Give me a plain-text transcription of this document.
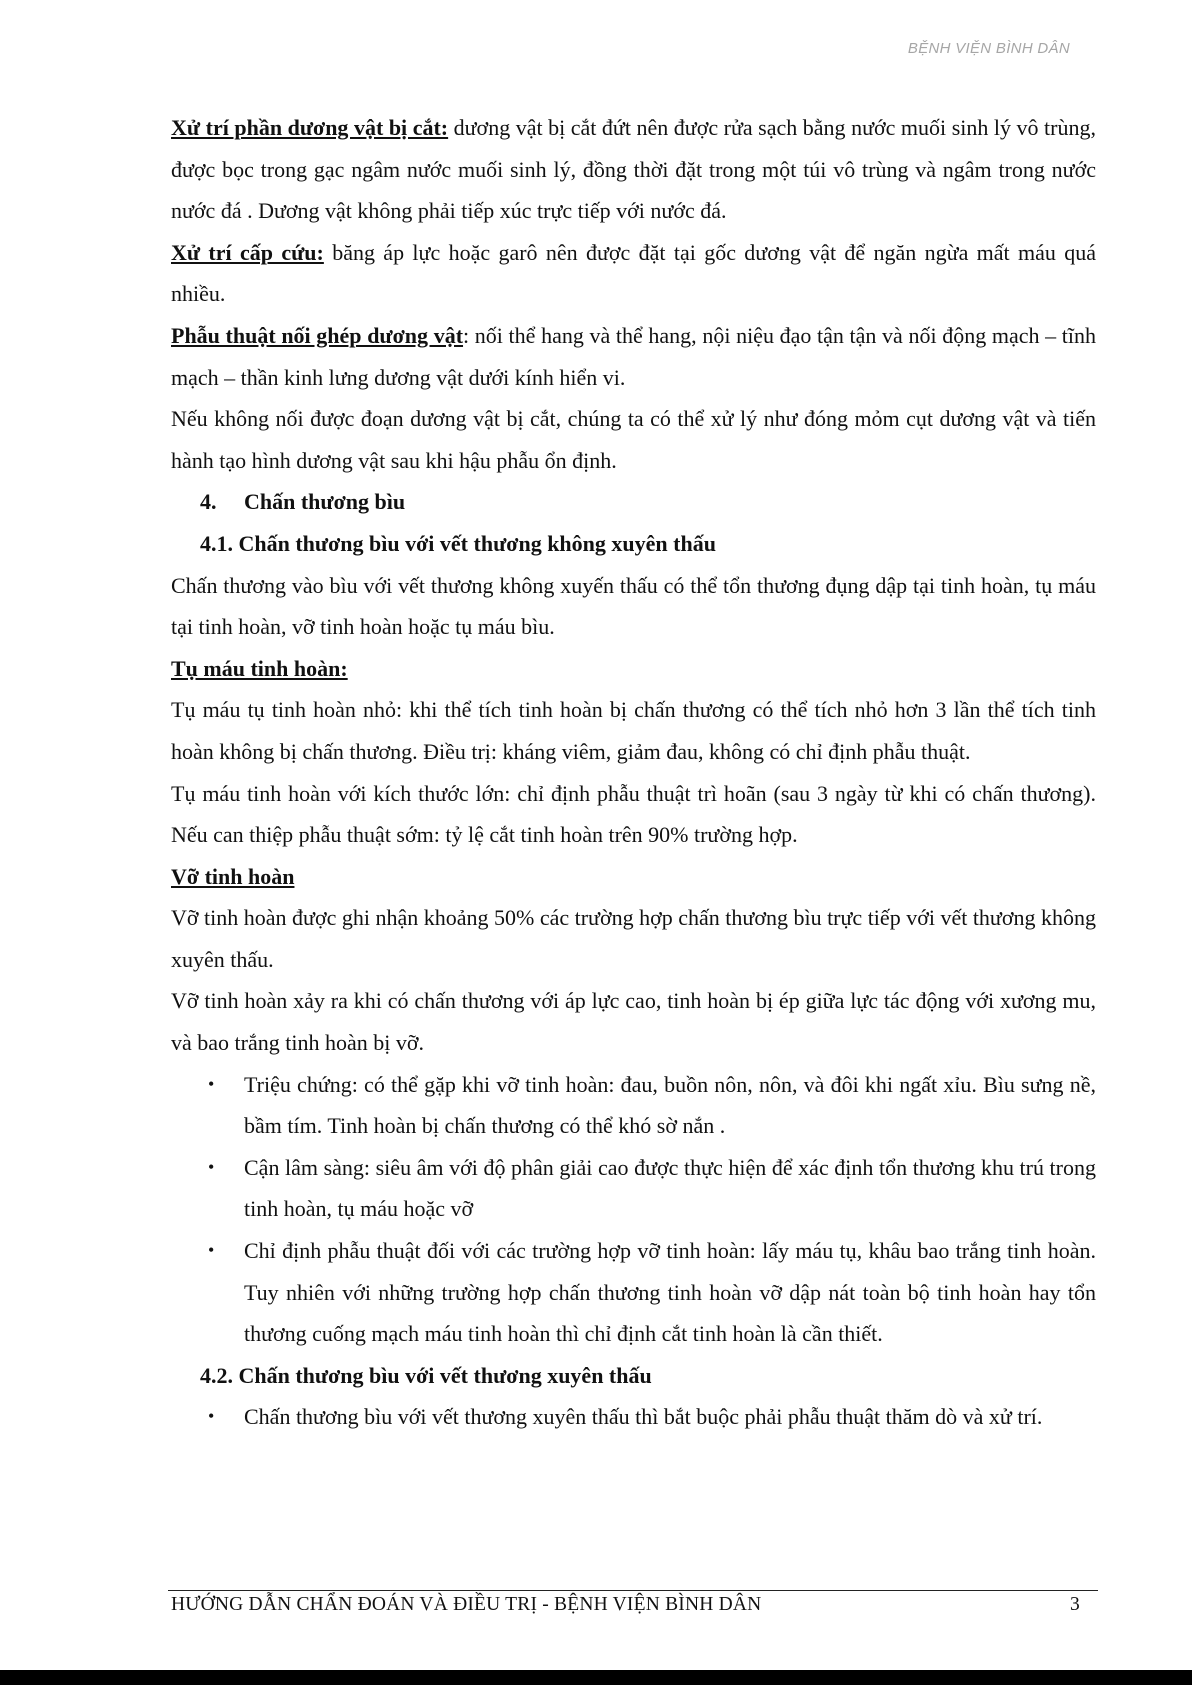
BỆNH VIỆN BÌNH DÂN

Xử trí phần dương vật bị cắt: dương vật bị cắt đứt nên được rửa sạch bằng nước muối sinh lý vô trùng, được bọc trong gạc ngâm nước muối sinh lý, đồng thời đặt trong một túi vô trùng và ngâm trong nước nước đá . Dương vật không phải tiếp xúc trực tiếp với nước đá.

Xử trí cấp cứu: băng áp lực hoặc garô nên được đặt tại gốc dương vật để ngăn ngừa mất máu quá nhiều.

Phẫu thuật nối ghép dương vật: nối thể hang và thể hang, nội niệu đạo tận tận và nối động mạch – tĩnh mạch – thần kinh lưng dương vật dưới kính hiển vi.

Nếu không nối được đoạn dương vật bị cắt, chúng ta có thể xử lý như đóng mỏm cụt dương vật và tiến hành tạo hình dương vật sau khi hậu phẫu ổn định.

4. Chấn thương bìu

4.1. Chấn thương bìu với vết thương không xuyên thấu

Chấn thương vào bìu với vết thương không xuyến thấu có thể tổn thương đụng dập tại tinh hoàn, tụ máu tại tinh hoàn, vỡ tinh hoàn hoặc tụ máu bìu.

Tụ máu tinh hoàn:

Tụ máu tụ tinh hoàn nhỏ: khi thể tích tinh hoàn bị chấn thương có thể tích nhỏ hơn 3 lần thể tích tinh hoàn không bị chấn thương. Điều trị: kháng viêm, giảm đau, không có chỉ định phẫu thuật.

Tụ máu tinh hoàn với kích thước lớn: chỉ định phẫu thuật trì hoãn (sau 3 ngày từ khi có chấn thương). Nếu can thiệp phẫu thuật sớm: tỷ lệ cắt tinh hoàn trên 90% trường hợp.

Vỡ tinh hoàn

Vỡ tinh hoàn được ghi nhận khoảng 50% các trường hợp chấn thương bìu trực tiếp với vết thương không xuyên thấu.

Vỡ tinh hoàn xảy ra khi có chấn thương với áp lực cao, tinh hoàn bị ép giữa lực tác động với xương mu, và bao trắng tinh hoàn bị vỡ.

• Triệu chứng: có thể gặp khi vỡ tinh hoàn: đau, buồn nôn, nôn, và đôi khi ngất xỉu. Bìu sưng nề, bầm tím. Tinh hoàn bị chấn thương có thể khó sờ nắn .
• Cận lâm sàng: siêu âm với độ phân giải cao được thực hiện để xác định tổn thương khu trú trong tinh hoàn, tụ máu hoặc vỡ
• Chỉ định phẫu thuật đối với các trường hợp vỡ tinh hoàn: lấy máu tụ, khâu bao trắng tinh hoàn. Tuy nhiên với những trường hợp chấn thương tinh hoàn vỡ dập nát toàn bộ tinh hoàn hay tổn thương cuống mạch máu tinh hoàn thì chỉ định cắt tinh hoàn là cần thiết.

4.2. Chấn thương bìu với vết thương xuyên thấu

• Chấn thương bìu với vết thương xuyên thấu thì bắt buộc phải phẫu thuật thăm dò và xử trí.
HƯỚNG DẪN CHẨN ĐOÁN VÀ ĐIỀU TRỊ - BỆNH VIỆN BÌNH DÂN	3
